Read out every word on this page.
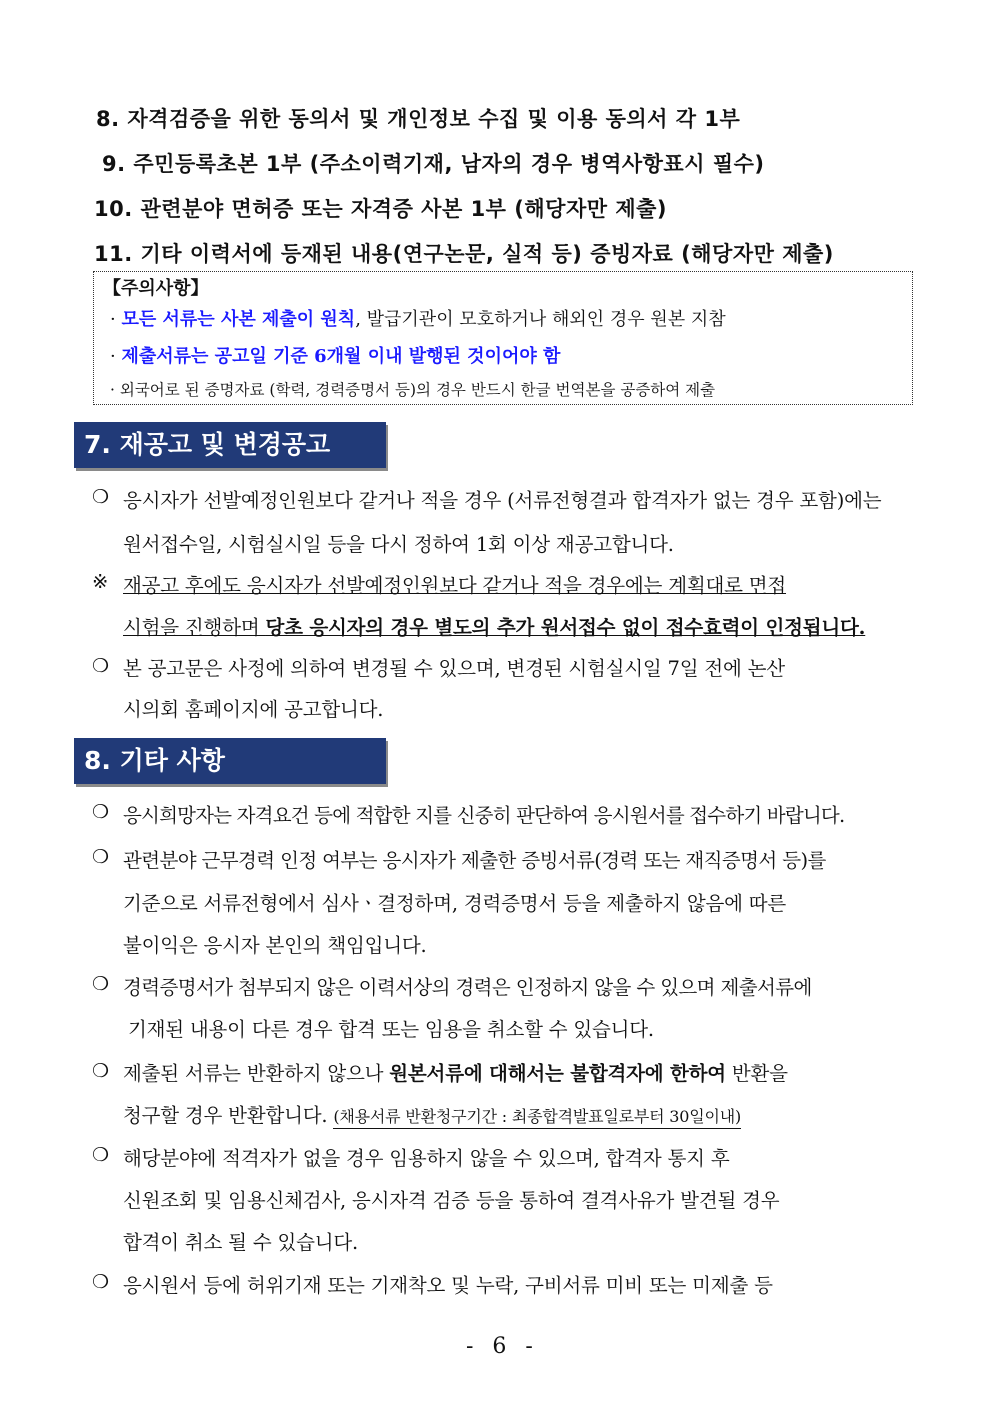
8. 자격검증을 위한 동의서 및 개인정보 수집 및 이용 동의서 각 1부
9. 주민등록초본 1부 (주소이력기재, 남자의 경우 병역사항표시 필수)
10. 관련분야 면허증 또는 자격증 사본 1부 (해당자만 제출)
11. 기타 이력서에 등재된 내용(연구논문, 실적 등) 증빙자료 (해당자만 제출)
【주의사항】
· 모든 서류는 사본 제출이 원칙, 발급기관이 모호하거나 해외인 경우 원본 지참
· 제출서류는 공고일 기준 6개월 이내 발행된 것이어야 함
· 외국어로 된 증명자료 (학력, 경력증명서 등)의 경우 반드시 한글 번역본을 공증하여 제출
7. 재공고 및 변경공고
❍ 응시자가 선발예정인원보다 같거나 적을 경우 (서류전형결과 합격자가 없는 경우 포함)에는
원서접수일, 시험실시일 등을 다시 정하여 1회 이상 재공고합니다.
※ 재공고 후에도 응시자가 선발예정인원보다 같거나 적을 경우에는 계획대로 면접
시험을 진행하며 당초 응시자의 경우 별도의 추가 원서접수 없이 접수효력이 인정됩니다.
❍ 본 공고문은 사정에 의하여 변경될 수 있으며, 변경된 시험실시일 7일 전에 논산
시의회 홈페이지에 공고합니다.
8. 기타 사항
❍ 응시희망자는 자격요건 등에 적합한 지를 신중히 판단하여 응시원서를 접수하기 바랍니다.
❍ 관련분야 근무경력 인정 여부는 응시자가 제출한 증빙서류(경력 또는 재직증명서 등)를
기준으로 서류전형에서 심사ㆍ결정하며, 경력증명서 등을 제출하지 않음에 따른
불이익은 응시자 본인의 책임입니다.
❍ 경력증명서가 첨부되지 않은 이력서상의 경력은 인정하지 않을 수 있으며 제출서류에
기재된 내용이 다른 경우 합격 또는 임용을 취소할 수 있습니다.
❍ 제출된 서류는 반환하지 않으나 원본서류에 대해서는 불합격자에 한하여 반환을
청구할 경우 반환합니다. (채용서류 반환청구기간 : 최종합격발표일로부터 30일이내)
❍ 해당분야에 적격자가 없을 경우 임용하지 않을 수 있으며, 합격자 통지 후
신원조회 및 임용신체검사, 응시자격 검증 등을 통하여 결격사유가 발견될 경우
합격이 취소 될 수 있습니다.
❍ 응시원서 등에 허위기재 또는 기재착오 및 누락, 구비서류 미비 또는 미제출 등
- 6 -
